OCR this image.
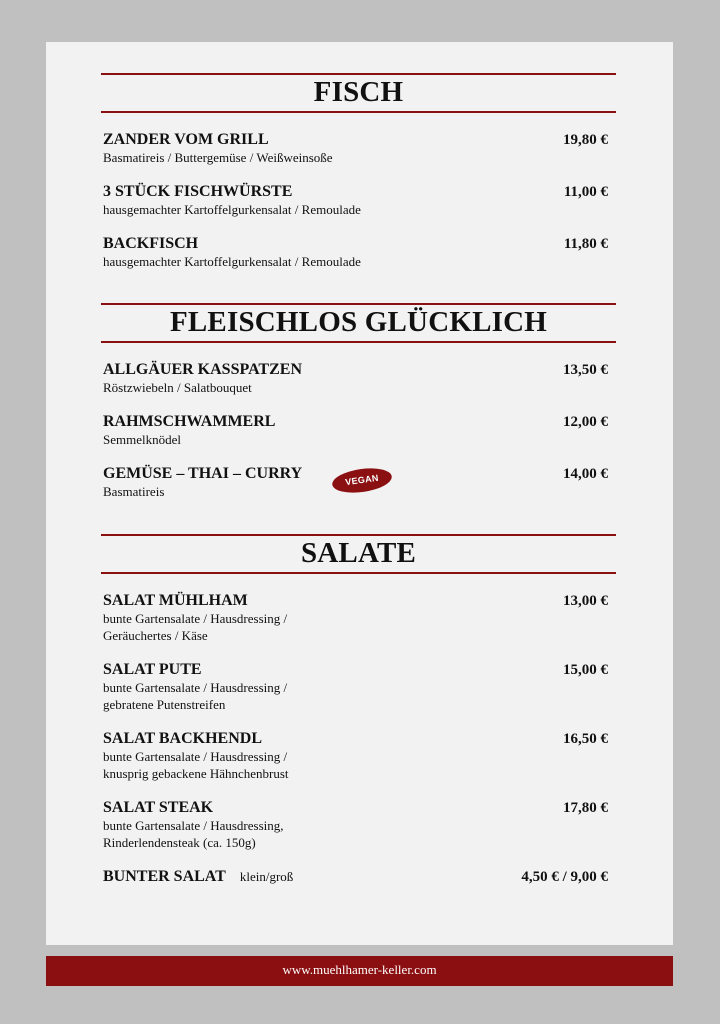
FISCH
ZANDER VOM GRILL
Basmatireis / Buttergemüse / Weißweinsoße
19,80 €
3 STÜCK FISCHWÜRSTE
hausgemachter Kartoffelgurkensalat / Remoulade
11,00 €
BACKFISCH
hausgemachter Kartoffelgurkensalat / Remoulade
11,80 €
FLEISCHLOS GLÜCKLICH
ALLGÄUER KASSPATZEN
Röstzwiebeln / Salatbouquet
13,50 €
RAHMSCHWAMMERL
Semmelknödel
12,00 €
GEMÜSE – THAI – CURRY
Basmatireis
VEGAN	14,00 €
SALATE
SALAT MÜHLHAM
bunte Gartensalate / Hausdressing /
Geräuchertes / Käse
13,00 €
SALAT PUTE
bunte Gartensalate / Hausdressing /
gebratene Putenstreifen
15,00 €
SALAT BACKHENDL
bunte Gartensalate / Hausdressing /
knusprig gebackene Hähnchenbrust
16,50 €
SALAT STEAK
bunte Gartensalate / Hausdressing,
Rinderlendensteak (ca. 150g)
17,80 €
BUNTER SALAT klein/groß	4,50 € / 9,00 €
www.muehlhamer-keller.com
